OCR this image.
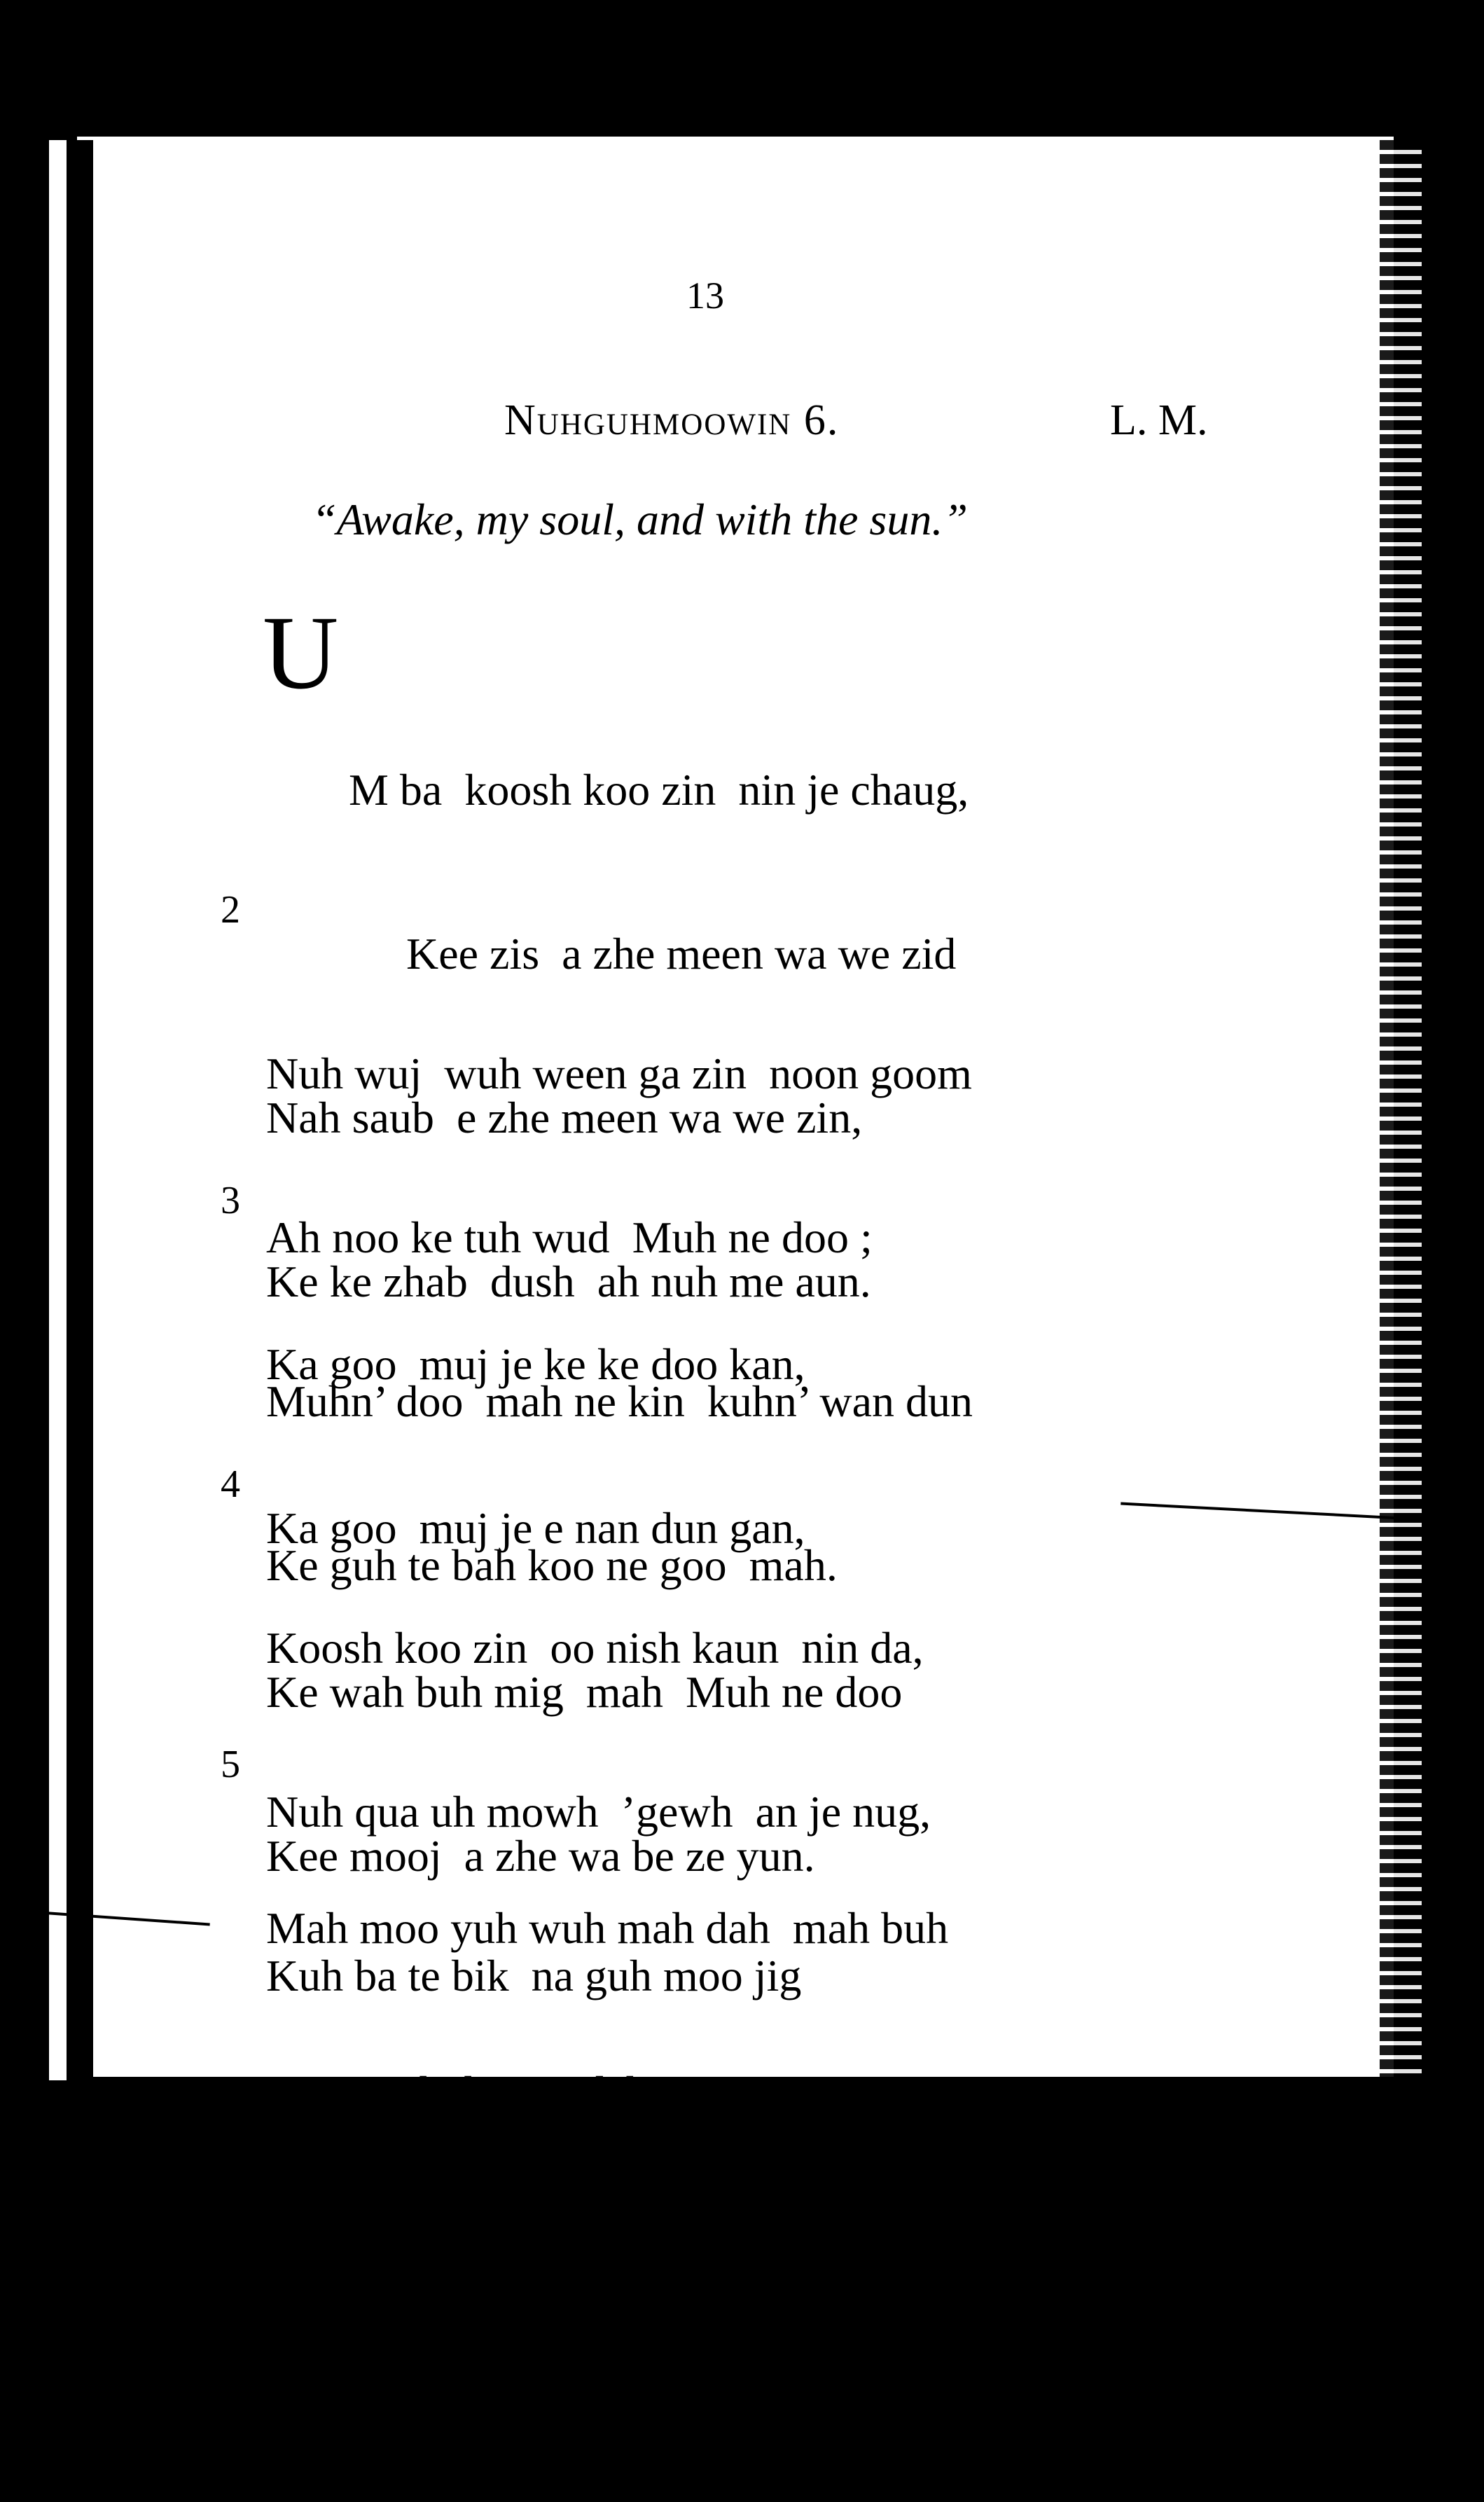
13
Nuhguhmoowin 6.	L. M.
“Awake, my soul, and with the sun.”

U

M ba  koosh koo zin  nin je chaug,

Kee zis  a zhe meen wa we zid

Nah saub  e zhe meen wa we zin,

Ke ke zhab  dush  ah nuh me aun.

2

Nuh wuj  wuh ween ga zin  noon goom

Ah noo ke tuh wud  Muh ne doo ;

Muhn’ doo  mah ne kin  kuhn’ wan dun

Ke guh te bah koo ne goo  mah.

3

Ka goo  muj je ke ke doo kan,

Ka goo  muj je e nan dun gan,

Ke wah buh mig  mah  Muh ne doo

Kee mooj  a zhe wa be ze yun.

4

Koosh koo zin  oo nish kaun  nin da,

Nuh qua uh mowh  ’gewh  an je nug,

Kuh ba te bik  na guh moo jig

Wuh we zha ne mah waud  Muhn’doon

5

Mah moo yuh wuh mah dah  mah buh

Wan je shuh wan dah goo ze yung,

Wa yoo se mind,  Wa gwis se mind

Kuh ya  Pah ne zid  Oo je chaug.
